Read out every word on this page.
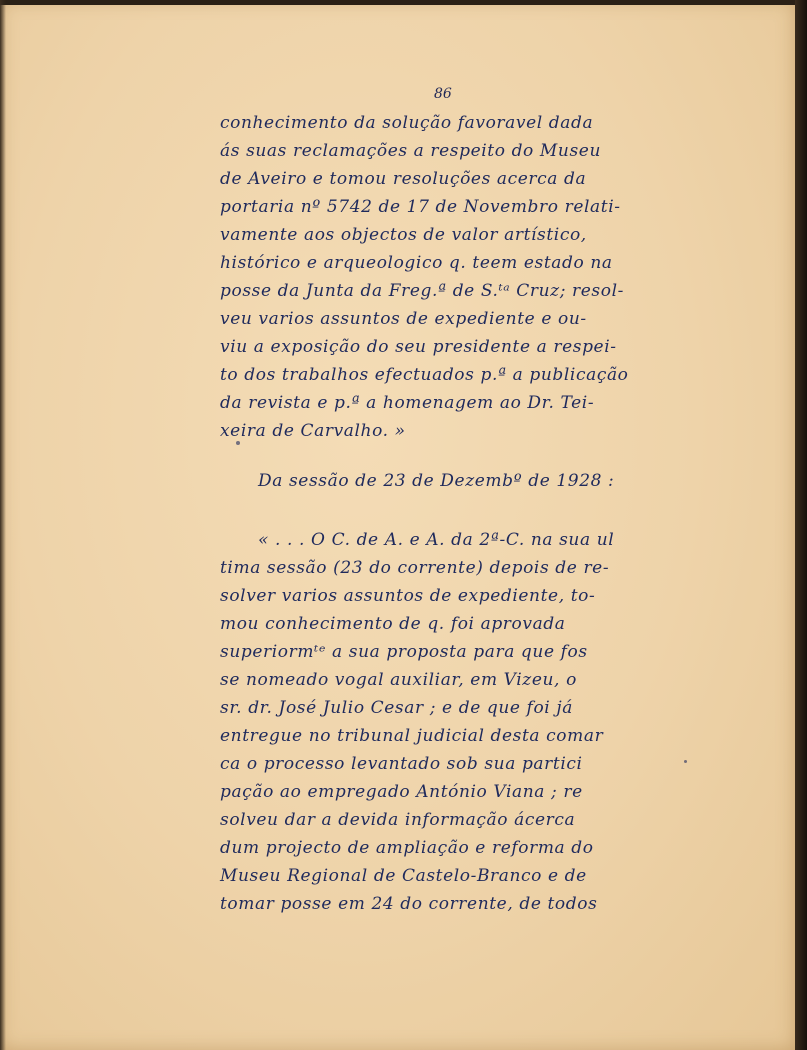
86
conhecimento da solução favoravel dada
ás suas reclamações a respeito do Museu
de Aveiro e tomou resoluções acerca da
portaria nº 5742 de 17 de Novembro relati-
vamente aos objectos de valor artístico,
histórico e arqueologico q. teem estado na
posse da Junta da Freg.ª de S.ᵗᵃ Cruz; resol-
veu varios assuntos de expediente e ou-
viu a exposição do seu presidente a respei-
to dos trabalhos efectuados p.ª a publicação
da revista e p.ª a homenagem ao Dr. Tei-
xeira de Carvalho. »
Da sessão de 23 de Dezembº de 1928 :
« . . . O C. de A. e A. da 2ª-C. na sua ul
tima sessão (23 do corrente) depois de re-
solver varios assuntos de expediente, to-
mou conhecimento de q. foi aprovada
superiormᵗᵉ a sua proposta para que fos
se nomeado vogal auxiliar, em Vizeu, o
sr. dr. José Julio Cesar ; e de que foi já
entregue no tribunal judicial desta comar
ca o processo levantado sob sua partici
pação ao empregado António Viana ; re
solveu dar a devida informação ácerca
dum projecto de ampliação e reforma do
Museu Regional de Castelo-Branco e de
tomar posse em 24 do corrente, de todos
